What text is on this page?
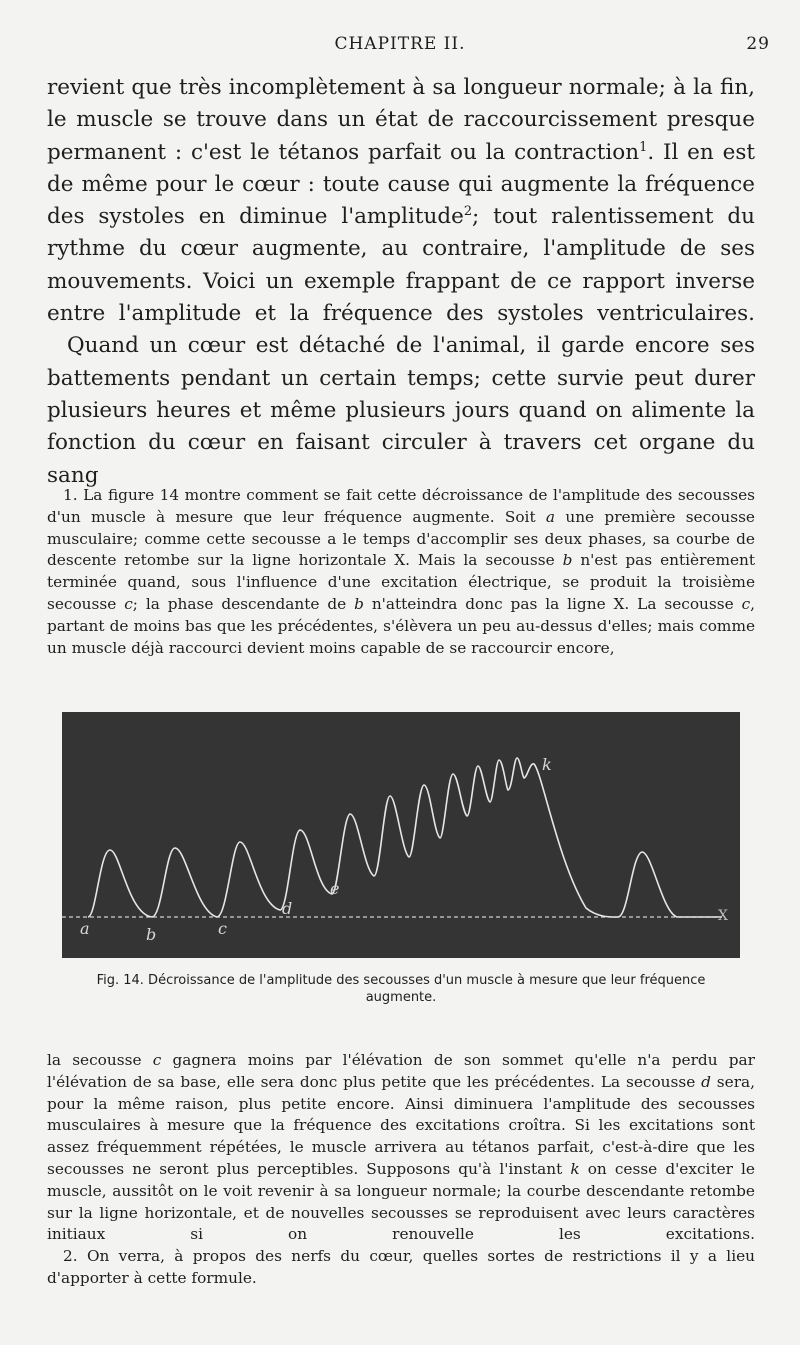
CHAPITRE II.	29

revient que très incomplètement à sa longueur normale; à la fin, le muscle se trouve dans un état de raccourcissement presque permanent : c'est le tétanos parfait ou la contraction$^1$. Il en est de même pour le cœur : toute cause qui augmente la fréquence des systoles en diminue l'amplitude$^2$; tout ralentissement du rythme du cœur augmente, au contraire, l'amplitude de ses mouvements. Voici un exemple frappant de ce rapport inverse entre l'amplitude et la fréquence des systoles ventriculaires.

Quand un cœur est détaché de l'animal, il garde encore ses battements pendant un certain temps; cette survie peut durer plusieurs heures et même plusieurs jours quand on alimente la fonction du cœur en faisant circuler à travers cet organe du sang

1. La figure 14 montre comment se fait cette décroissance de l'amplitude des secousses d'un muscle à mesure que leur fréquence augmente. Soit a une première secousse musculaire; comme cette secousse a le temps d'accomplir ses deux phases, sa courbe de descente retombe sur la ligne horizontale X. Mais la secousse b n'est pas entièrement terminée quand, sous l'influence d'une excitation électrique, se produit la troisième secousse c; la phase descendante de b n'atteindra donc pas la ligne X. La secousse c, partant de moins bas que les précédentes, s'élèvera un peu au-dessus d'elles; mais comme un muscle déjà raccourci devient moins capable de se raccourcir encore,

a	b	c
d
e
k
X
Fig. 14. Décroissance de l'amplitude des secousses d'un muscle à mesure que leur fréquence augmente.

la secousse c gagnera moins par l'élévation de son sommet qu'elle n'a perdu par l'élévation de sa base, elle sera donc plus petite que les précédentes. La secousse d sera, pour la même raison, plus petite encore. Ainsi diminuera l'amplitude des secousses musculaires à mesure que la fréquence des excitations croîtra. Si les excitations sont assez fréquemment répétées, le muscle arrivera au tétanos parfait, c'est-à-dire que les secousses ne seront plus perceptibles. Supposons qu'à l'instant k on cesse d'exciter le muscle, aussitôt on le voit revenir à sa longueur normale; la courbe descendante retombe sur la ligne horizontale, et de nouvelles secousses se reproduisent avec leurs caractères initiaux si on renouvelle les excitations.

2. On verra, à propos des nerfs du cœur, quelles sortes de restrictions il y a lieu d'apporter à cette formule.
